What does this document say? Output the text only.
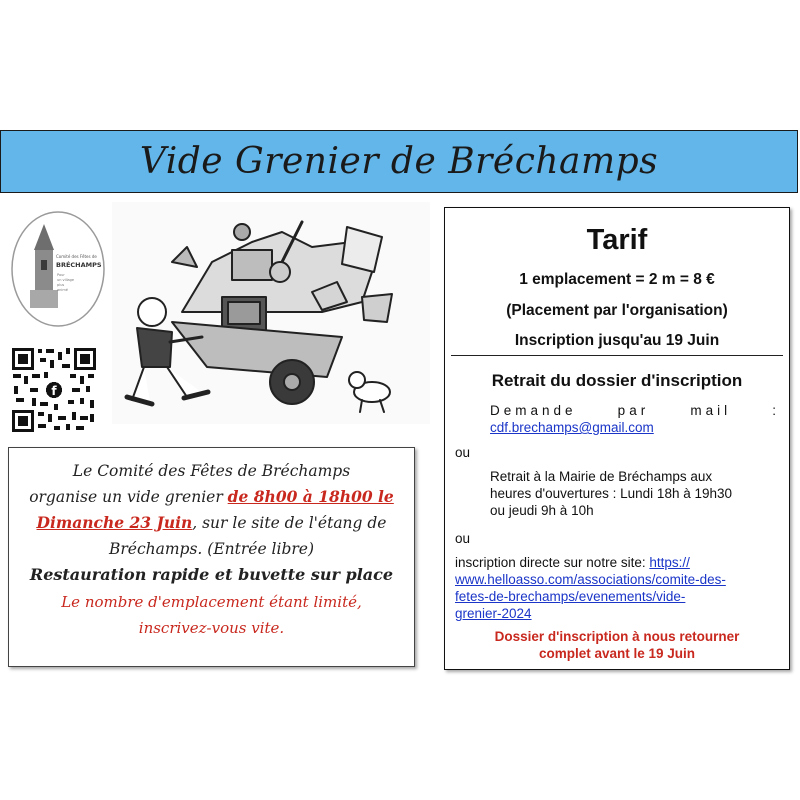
Vide Grenier de Bréchamps
Comité des Fêtes de
BRÉCHAMPS
Pour
un village
plus
animé
f

Le Comité des Fêtes de Bréchamps

organise un vide grenier de 8h00 à 18h00 le

Dimanche 23 Juin, sur le site de l'étang de

Bréchamps. (Entrée libre)

Restauration rapide et buvette sur place

Le nombre d'emplacement étant limité,

inscrivez-vous vite.

Tarif
1 emplacement = 2 m = 8 €
(Placement par l'organisation)
Inscription jusqu'au 19 Juin
Retrait du dossier d'inscription
Demande par mail :
cdf.brechamps@gmail.com
ou
Retrait à la Mairie de Bréchamps aux
heures d'ouvertures : Lundi 18h à 19h30
ou jeudi 9h à 10h
ou
inscription directe sur notre site: https://
www.helloasso.com/associations/comite-des-
fetes-de-brechamps/evenements/vide-
grenier-2024
Dossier d'inscription à nous retourner
complet avant le 19 Juin
